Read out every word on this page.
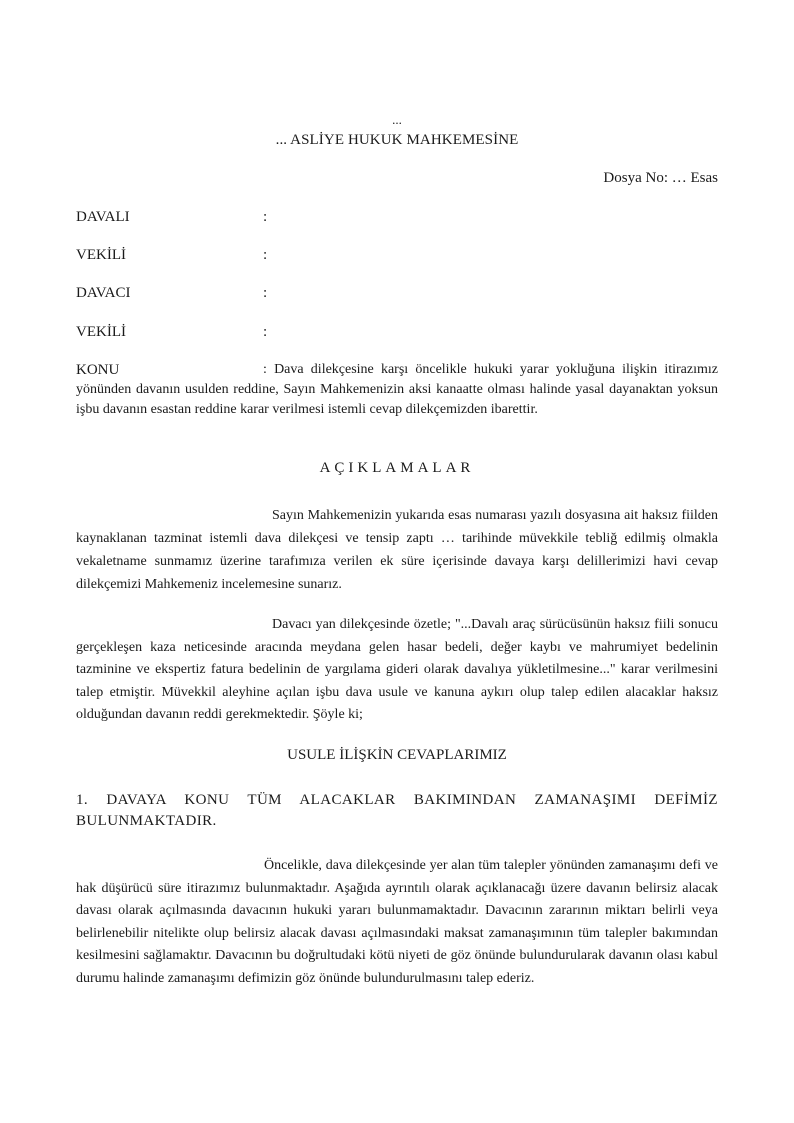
...
... ASLİYE HUKUK MAHKEMESİNE
Dosya No: … Esas
DAVALI	:
VEKİLİ	:
DAVACI	:
VEKİLİ	:
KONU	: Dava dilekçesine karşı öncelikle hukuki yarar yokluğuna ilişkin itirazımız yönünden davanın usulden reddine, Sayın Mahkemenizin aksi kanaatte olması halinde yasal dayanaktan yoksun işbu davanın esastan reddine karar verilmesi istemli cevap dilekçemizden ibarettir.
AÇIKLAMALAR
Sayın Mahkemenizin yukarıda esas numarası yazılı dosyasına ait haksız fiilden kaynaklanan tazminat istemli dava dilekçesi ve tensip zaptı … tarihinde müvekkile tebliğ edilmiş olmakla vekaletname sunmamız üzerine tarafımıza verilen ek süre içerisinde davaya karşı delillerimizi havi cevap dilekçemizi Mahkemeniz incelemesine sunarız.
Davacı yan dilekçesinde özetle; "...Davalı araç sürücüsünün haksız fiili sonucu gerçekleşen kaza neticesinde aracında meydana gelen hasar bedeli, değer kaybı ve mahrumiyet bedelinin tazminine ve ekspertiz fatura bedelinin de yargılama gideri olarak davalıya yükletilmesine..." karar verilmesini talep etmiştir. Müvekkil aleyhine açılan işbu dava usule ve kanuna aykırı olup talep edilen alacaklar haksız olduğundan davanın reddi gerekmektedir. Şöyle ki;
USULE İLİŞKİN CEVAPLARIMIZ
1. DAVAYA KONU TÜM ALACAKLAR BAKIMINDAN ZAMANAŞIMI DEFİMİZ BULUNMAKTADIR.
Öncelikle, dava dilekçesinde yer alan tüm talepler yönünden zamanaşımı defi ve hak düşürücü süre itirazımız bulunmaktadır. Aşağıda ayrıntılı olarak açıklanacağı üzere davanın belirsiz alacak davası olarak açılmasında davacının hukuki yararı bulunmamaktadır. Davacının zararının miktarı belirli veya belirlenebilir nitelikte olup belirsiz alacak davası açılmasındaki maksat zamanaşımının tüm talepler bakımından kesilmesini sağlamaktır. Davacının bu doğrultudaki kötü niyeti de göz önünde bulundurularak davanın olası kabul durumu halinde zamanaşımı defimizin göz önünde bulundurulmasını talep ederiz.
